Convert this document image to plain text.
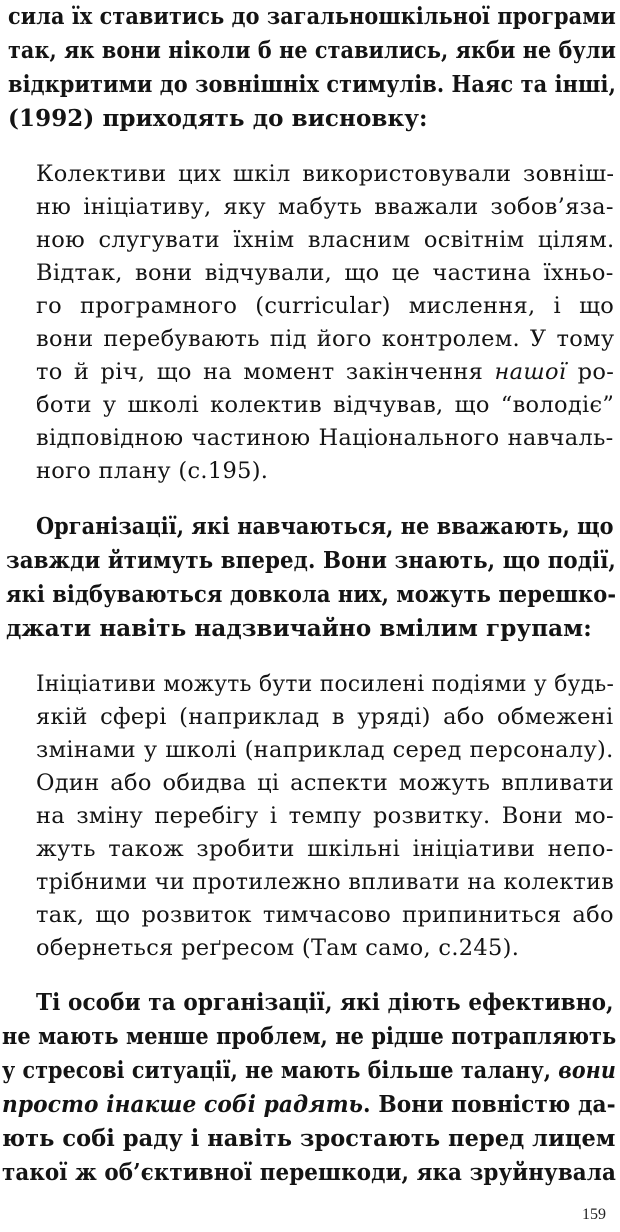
сила їх ставитись до загальношкільної програми
так, як вони ніколи б не ставились, якби не були
відкритими до зовнішніх стимулів. Наяс та інші,
(1992) приходять до висновку:
Колективи цих шкіл використовували зовніш-
ню ініціативу, яку мабуть вважали зобов’яза-
ною слугувати їхнім власним освітнім цілям.
Відтак, вони відчували, що це частина їхньо-
го програмного (curricular) мислення, і що
вони перебувають під його контролем. У тому
то й річ, що на момент закінчення нашої ро-
боти у школі колектив відчував, що “володіє”
відповідною частиною Національного навчаль-
ного плану (с.195).
Організації, які навчаються, не вважають, що
завжди йтимуть вперед. Вони знають, що події,
які відбуваються довкола них, можуть перешко-
джати навіть надзвичайно вмілим групам:
Ініціативи можуть бути посилені подіями у будь-
якій сфері (наприклад в уряді) або обмежені
змінами у школі (наприклад серед персоналу).
Один або обидва ці аспекти можуть впливати
на зміну перебігу і темпу розвитку. Вони мо-
жуть також зробити шкільні ініціативи непо-
трібними чи протилежно впливати на колектив
так, що розвиток тимчасово припиниться або
обернеться реґресом (Там само, с.245).
Ті особи та організації, які діють ефективно,
не мають менше проблем, не рідше потрапляють
у стресові ситуації, не мають більше талану, вони
просто інакше собі радять. Вони повністю да-
ють собі раду і навіть зростають перед лицем
такої ж об’єктивної перешкоди, яка зруйнувала
159
